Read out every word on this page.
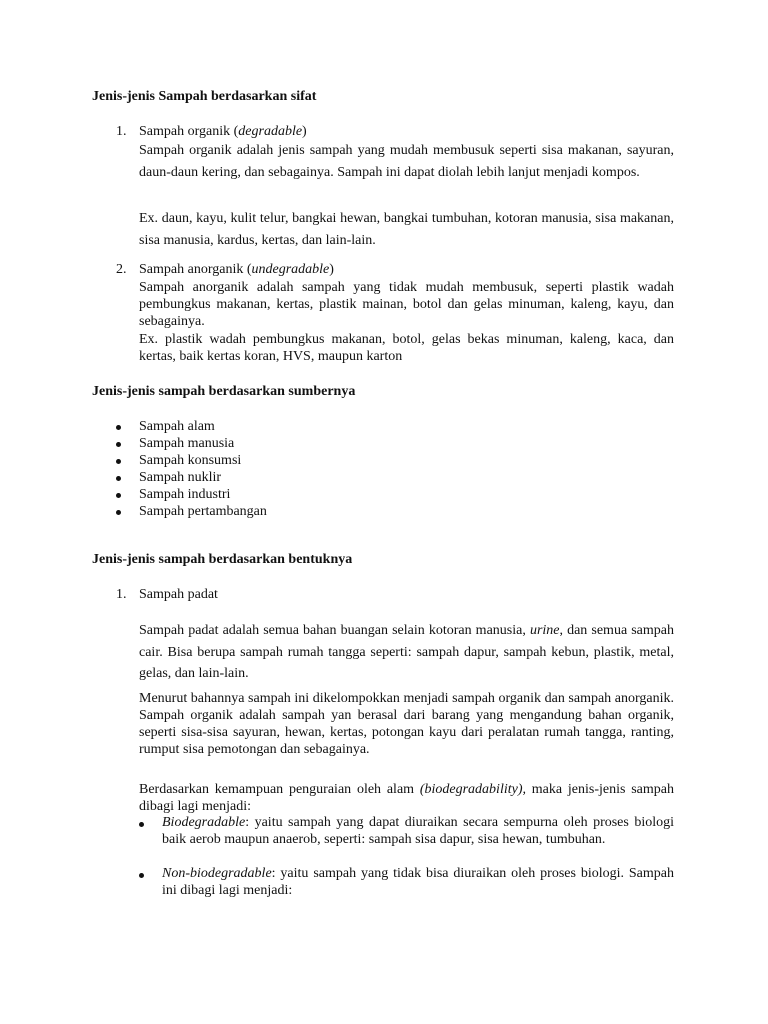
Jenis-jenis Sampah berdasarkan sifat
1. Sampah organik (degradable)
Sampah organik adalah jenis sampah yang mudah membusuk seperti sisa makanan, sayuran, daun-daun kering, dan sebagainya. Sampah ini dapat diolah lebih lanjut menjadi kompos.
Ex. daun, kayu, kulit telur, bangkai hewan, bangkai tumbuhan, kotoran manusia, sisa makanan, sisa manusia, kardus, kertas, dan lain-lain.
2. Sampah anorganik (undegradable)
Sampah anorganik adalah sampah yang tidak mudah membusuk, seperti plastik wadah pembungkus makanan, kertas, plastik mainan, botol dan gelas minuman, kaleng, kayu, dan sebagainya.
Ex. plastik wadah pembungkus makanan, botol, gelas bekas minuman, kaleng, kaca, dan kertas, baik kertas koran, HVS, maupun karton
Jenis-jenis sampah berdasarkan sumbernya
Sampah alam
Sampah manusia
Sampah konsumsi
Sampah nuklir
Sampah industri
Sampah pertambangan
Jenis-jenis sampah berdasarkan bentuknya
1. Sampah padat
Sampah padat adalah semua bahan buangan selain kotoran manusia, urine, dan semua sampah cair. Bisa berupa sampah rumah tangga seperti: sampah dapur, sampah kebun, plastik, metal, gelas, dan lain-lain.
Menurut bahannya sampah ini dikelompokkan menjadi sampah organik dan sampah anorganik. Sampah organik adalah sampah yan berasal dari barang yang mengandung bahan organik, seperti sisa-sisa sayuran, hewan, kertas, potongan kayu dari peralatan rumah tangga, ranting, rumput sisa pemotongan dan sebagainya.
Berdasarkan kemampuan penguraian oleh alam (biodegradability), maka jenis-jenis sampah dibagi lagi menjadi:
Biodegradable: yaitu sampah yang dapat diuraikan secara sempurna oleh proses biologi baik aerob maupun anaerob, seperti: sampah sisa dapur, sisa hewan, tumbuhan.
Non-biodegradable: yaitu sampah yang tidak bisa diuraikan oleh proses biologi. Sampah ini dibagi lagi menjadi:
